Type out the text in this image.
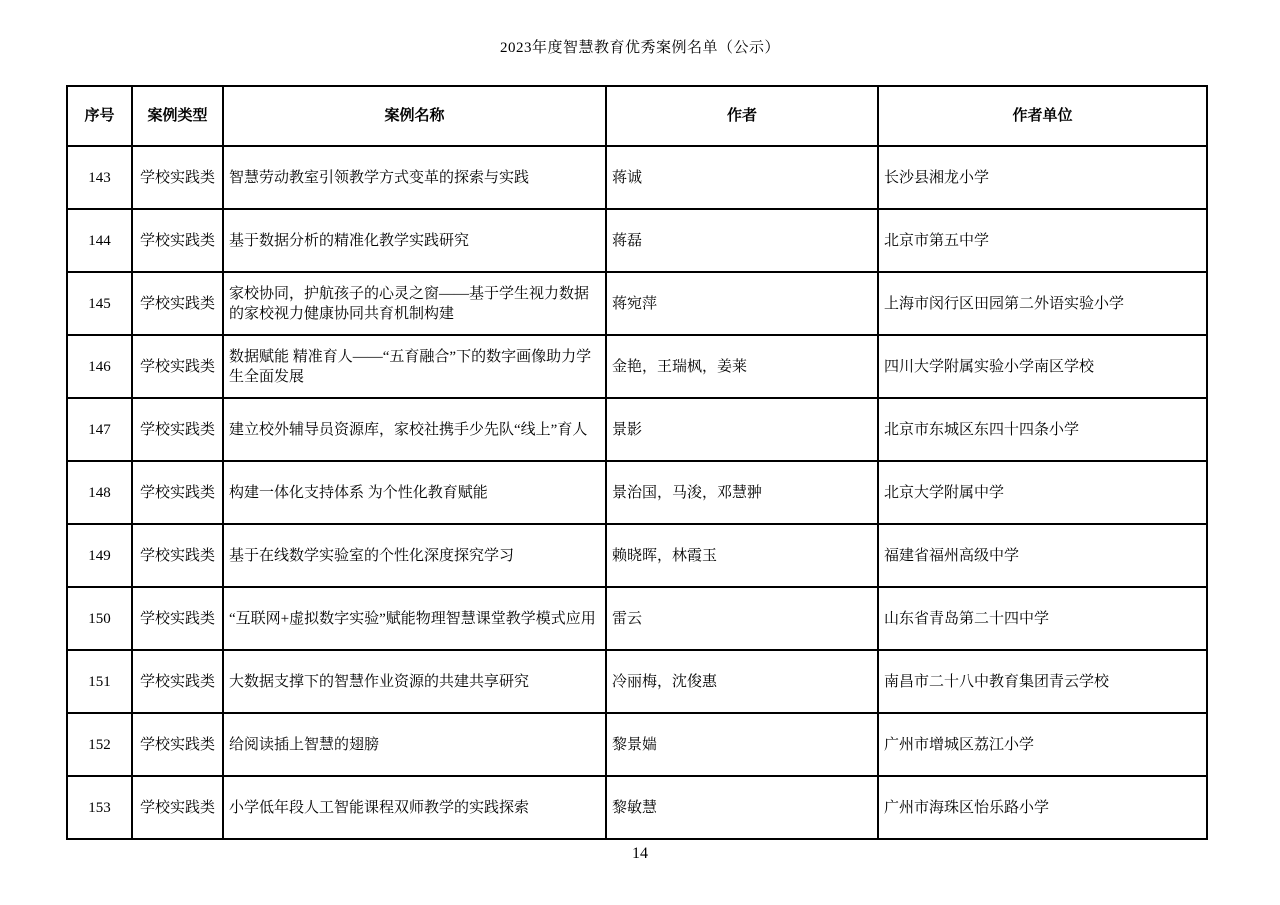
2023年度智慧教育优秀案例名单（公示）
序号	案例类型	案例名称	作者	作者单位
143	学校实践类	智慧劳动教室引领教学方式变革的探索与实践	蒋诚	长沙县湘龙小学
144	学校实践类	基于数据分析的精准化教学实践研究	蒋磊	北京市第五中学
145	学校实践类	家校协同，护航孩子的心灵之窗——基于学生视力数据的家校视力健康协同共育机制构建	蒋宛萍	上海市闵行区田园第二外语实验小学
146	学校实践类	数据赋能 精准育人——“五育融合”下的数字画像助力学生全面发展	金艳，王瑞枫，姜莱	四川大学附属实验小学南区学校
147	学校实践类	建立校外辅导员资源库，家校社携手少先队“线上”育人	景影	北京市东城区东四十四条小学
148	学校实践类	构建一体化支持体系 为个性化教育赋能	景治国，马浚，邓慧翀	北京大学附属中学
149	学校实践类	基于在线数学实验室的个性化深度探究学习	赖晓晖，林霞玉	福建省福州高级中学
150	学校实践类	“互联网+虚拟数字实验”赋能物理智慧课堂教学模式应用	雷云	山东省青岛第二十四中学
151	学校实践类	大数据支撑下的智慧作业资源的共建共享研究	冷丽梅，沈俊惠	南昌市二十八中教育集团青云学校
152	学校实践类	给阅读插上智慧的翅膀	黎景媏	广州市增城区荔江小学
153	学校实践类	小学低年段人工智能课程双师教学的实践探索	黎敏慧	广州市海珠区怡乐路小学
14
